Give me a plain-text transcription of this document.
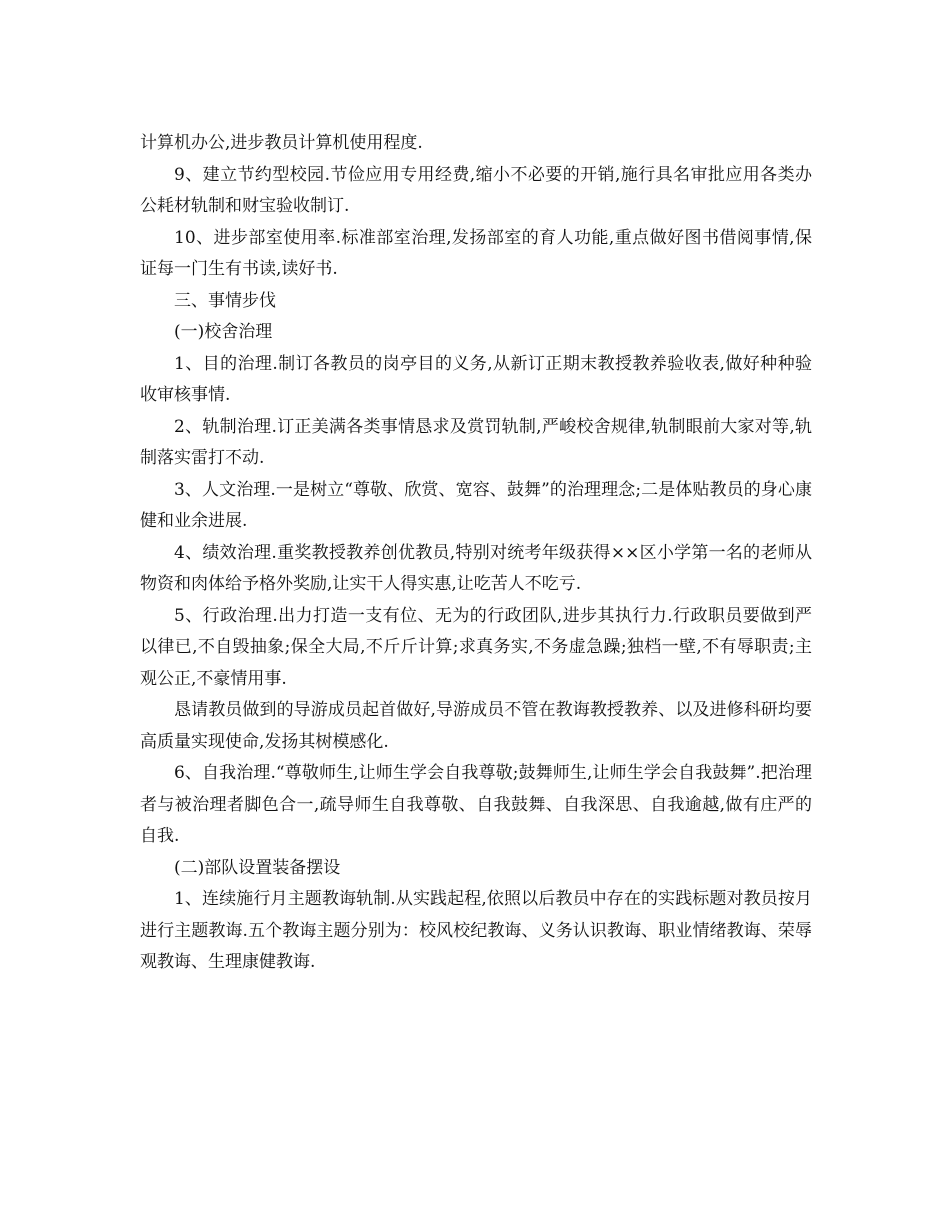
计算机办公,进步教员计算机使用程度.

9、建立节约型校园.节俭应用专用经费,缩小不必要的开销,施行具名审批应用各类办公耗材轨制和财宝验收制订.

10、进步部室使用率.标准部室治理,发扬部室的育人功能,重点做好图书借阅事情,保证每一门生有书读,读好书.

三、事情步伐

(一)校舍治理

1、目的治理.制订各教员的岗亭目的义务,从新订正期末教授教养验收表,做好种种验收审核事情.

2、轨制治理.订正美满各类事情恳求及赏罚轨制,严峻校舍规律,轨制眼前大家对等,轨制落实雷打不动.

3、人文治理.一是树立“尊敬、欣赏、宽容、鼓舞”的治理理念;二是体贴教员的身心康健和业余进展.

4、绩效治理.重奖教授教养创优教员,特别对统考年级获得××区小学第一名的老师从物资和肉体给予格外奖励,让实干人得实惠,让吃苦人不吃亏.

5、行政治理.出力打造一支有位、无为的行政团队,进步其执行力.行政职员要做到严以律已,不自毁抽象;保全大局,不斤斤计算;求真务实,不务虚急躁;独档一壁,不有辱职责;主观公正,不豪情用事.

恳请教员做到的导游成员起首做好,导游成员不管在教诲教授教养、以及进修科研均要高质量实现使命,发扬其树模感化.

6、自我治理.“尊敬师生,让师生学会自我尊敬;鼓舞师生,让师生学会自我鼓舞”.把治理者与被治理者脚色合一,疏导师生自我尊敬、自我鼓舞、自我深思、自我逾越,做有庄严的自我.

(二)部队设置装备摆设

1、连续施行月主题教诲轨制.从实践起程,依照以后教员中存在的实践标题对教员按月进行主题教诲.五个教诲主题分别为：校风校纪教诲、义务认识教诲、职业情绪教诲、荣辱观教诲、生理康健教诲.
